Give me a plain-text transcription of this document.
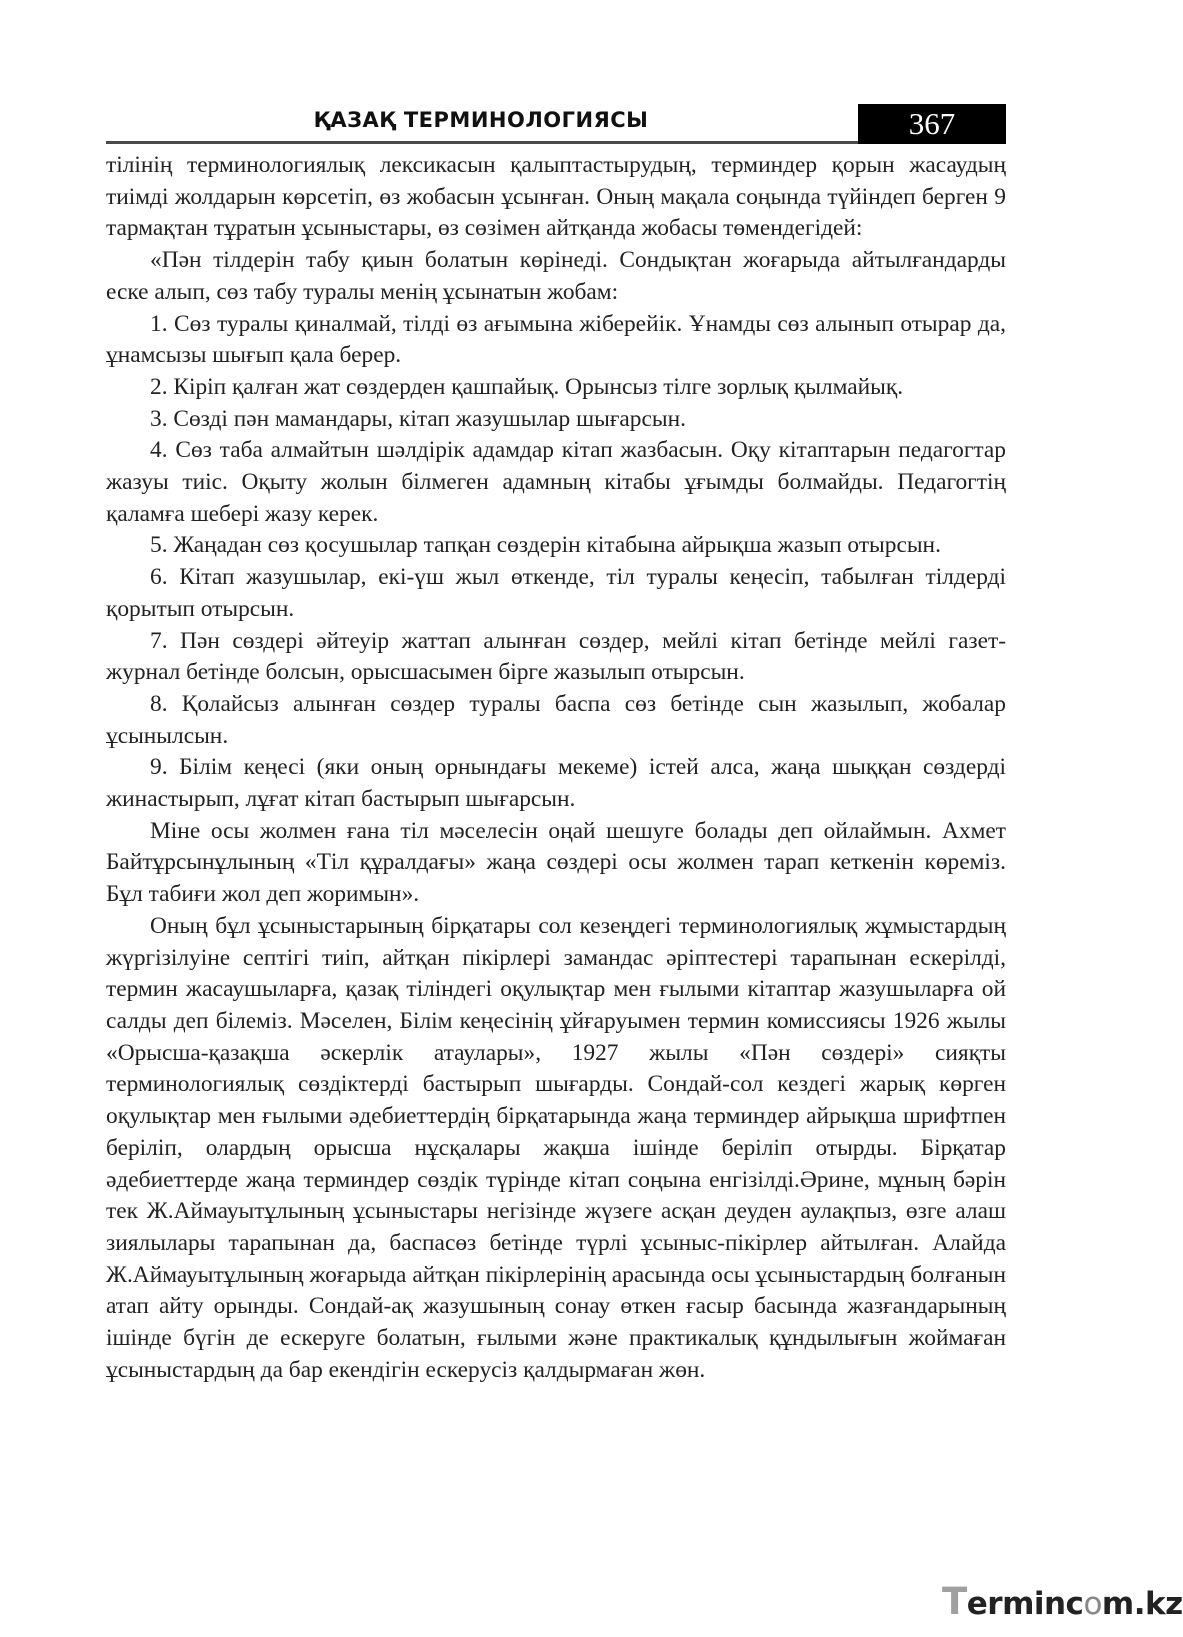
ҚАЗАҚ ТЕРМИНОЛОГИЯСЫ	367

тілінің терминологиялық лексикасын қалыптастырудың, терминдер қорын жасаудың тиімді жолдарын көрсетіп, өз жобасын ұсынған. Оның мақала соңында түйіндеп берген 9 тармақтан тұратын ұсыныстары, өз сөзімен айтқанда жобасы төмендегідей:

«Пән тілдерін табу қиын болатын көрінеді. Сондықтан жоғарыда айтылғандарды еске алып, сөз табу туралы менің ұсынатын жобам:

1. Сөз туралы қиналмай, тілді өз ағымына жіберейік. Ұнамды сөз алынып отырар да, ұнамсызы шығып қала берер.

2. Кіріп қалған жат сөздерден қашпайық. Орынсыз тілге зорлық қылмайық.

3. Сөзді пән мамандары, кітап жазушылар шығарсын.

4. Сөз таба алмайтын шәлдірік адамдар кітап жазбасын. Оқу кітаптарын педагогтар жазуы тиіс. Оқыту жолын білмеген адамның кітабы ұғымды болмайды. Педагогтің қаламға шебері жазу керек.

5. Жаңадан сөз қосушылар тапқан сөздерін кітабына айрықша жазып отырсын.

6. Кітап жазушылар, екі-үш жыл өткенде, тіл туралы кеңесіп, табылған тілдерді қорытып отырсын.

7. Пән сөздері әйтеуір жаттап алынған сөздер, мейлі кітап бетінде мейлі газет-журнал бетінде болсын, орысшасымен бірге жазылып отырсын.

8. Қолайсыз алынған сөздер туралы баспа сөз бетінде сын жазылып, жобалар ұсынылсын.

9. Білім кеңесі (яки оның орнындағы мекеме) істей алса, жаңа шыққан сөздерді жинастырып, лұғат кітап бастырып шығарсын.

Міне осы жолмен ғана тіл мәселесін оңай шешуге болады деп ойлаймын. Ахмет Байтұрсынұлының «Тіл құралдағы» жаңа сөздері осы жолмен тарап кеткенін көреміз. Бұл табиғи жол деп жоримын».

Оның бұл ұсыныстарының бірқатары сол кезеңдегі терминологиялық жұмыстардың жүргізілуіне септігі тиіп, айтқан пікірлері замандас әріптестері тарапынан ескерілді, термин жасаушыларға, қазақ тіліндегі оқулықтар мен ғылыми кітаптар жазушыларға ой салды деп білеміз. Мәселен, Білім кеңесінің ұйғаруымен термин комиссиясы 1926 жылы «Орысша-қазақша әскерлік атаулары», 1927 жылы «Пән сөздері» сияқты терминологиялық сөздіктерді бастырып шығарды. Сондай-сол кездегі жарық көрген оқулықтар мен ғылыми әдебиеттердің бірқатарында жаңа терминдер айрықша шрифтпен беріліп, олардың орысша нұсқалары жақша ішінде беріліп отырды. Бірқатар әдебиеттерде жаңа терминдер сөздік түрінде кітап соңына енгізілді.Әрине, мұның бәрін тек Ж.Аймауытұлының ұсыныстары негізінде жүзеге асқан деуден аулақпыз, өзге алаш зиялылары тарапынан да, баспасөз бетінде түрлі ұсыныс-пікірлер айтылған. Алайда Ж.Аймауытұлының жоғарыда айтқан пікірлерінің арасында осы ұсыныстардың болғанын атап айту орынды. Сондай-ақ жазушының сонау өткен ғасыр басында жазғандарының ішінде бүгін де ескеруге болатын, ғылыми және практикалық құндылығын жоймаған ұсыныстардың да бар екендігін ескерусіз қалдырмаған жөн.

Termincom.kz
